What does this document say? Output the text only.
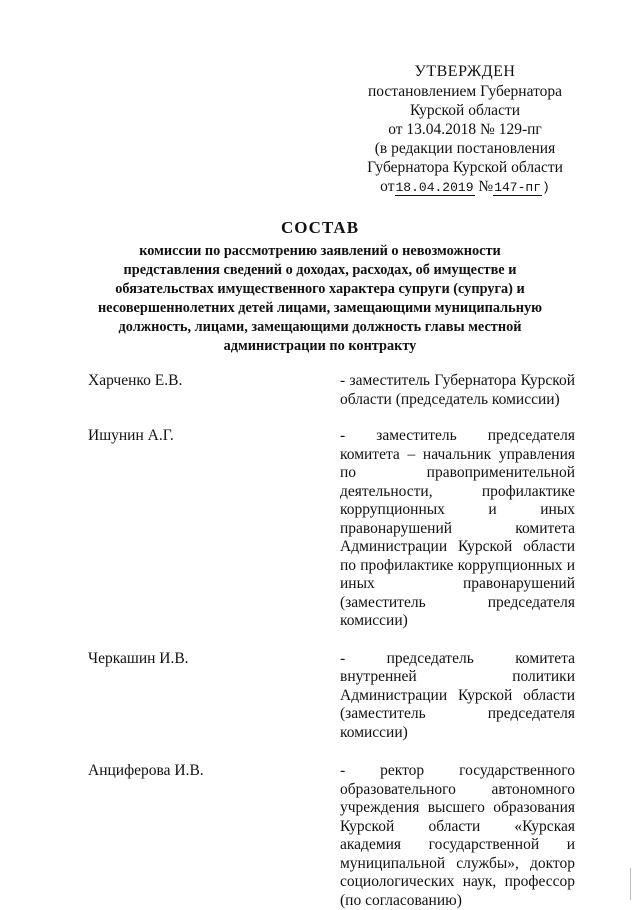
УТВЕРЖДЕН
постановлением Губернатора
Курской области
от 13.04.2018 № 129-пг
(в редакции постановления
Губернатора Курской области
от18.04.2019 №147-пг)
СОСТАВ
комиссии по рассмотрению заявлений о невозможности
представления сведений о доходах, расходах, об имуществе и
обязательствах имущественного характера супруги (супруга) и
несовершеннолетних детей лицами, замещающими муниципальную
должность, лицами, замещающими должность главы местной
администрации по контракту
Харченко Е.В.	- заместитель Губернатора Курской области (председатель комиссии)
Ишунин А.Г.	- заместитель председателя комитета – начальник управления по правоприменительной деятельности, профилактике коррупционных и иных правонарушений комитета Администрации Курской области по профилактике коррупционных и иных правонарушений (заместитель председателя комиссии)
Черкашин И.В.	- председатель комитета внутренней политики Администрации Курской области (заместитель председателя комиссии)
Анциферова И.В.	- ректор государственного образовательного автономного учреждения высшего образования Курской области «Курская академия государственной и муниципальной службы», доктор социологических наук, профессор (по согласованию)
